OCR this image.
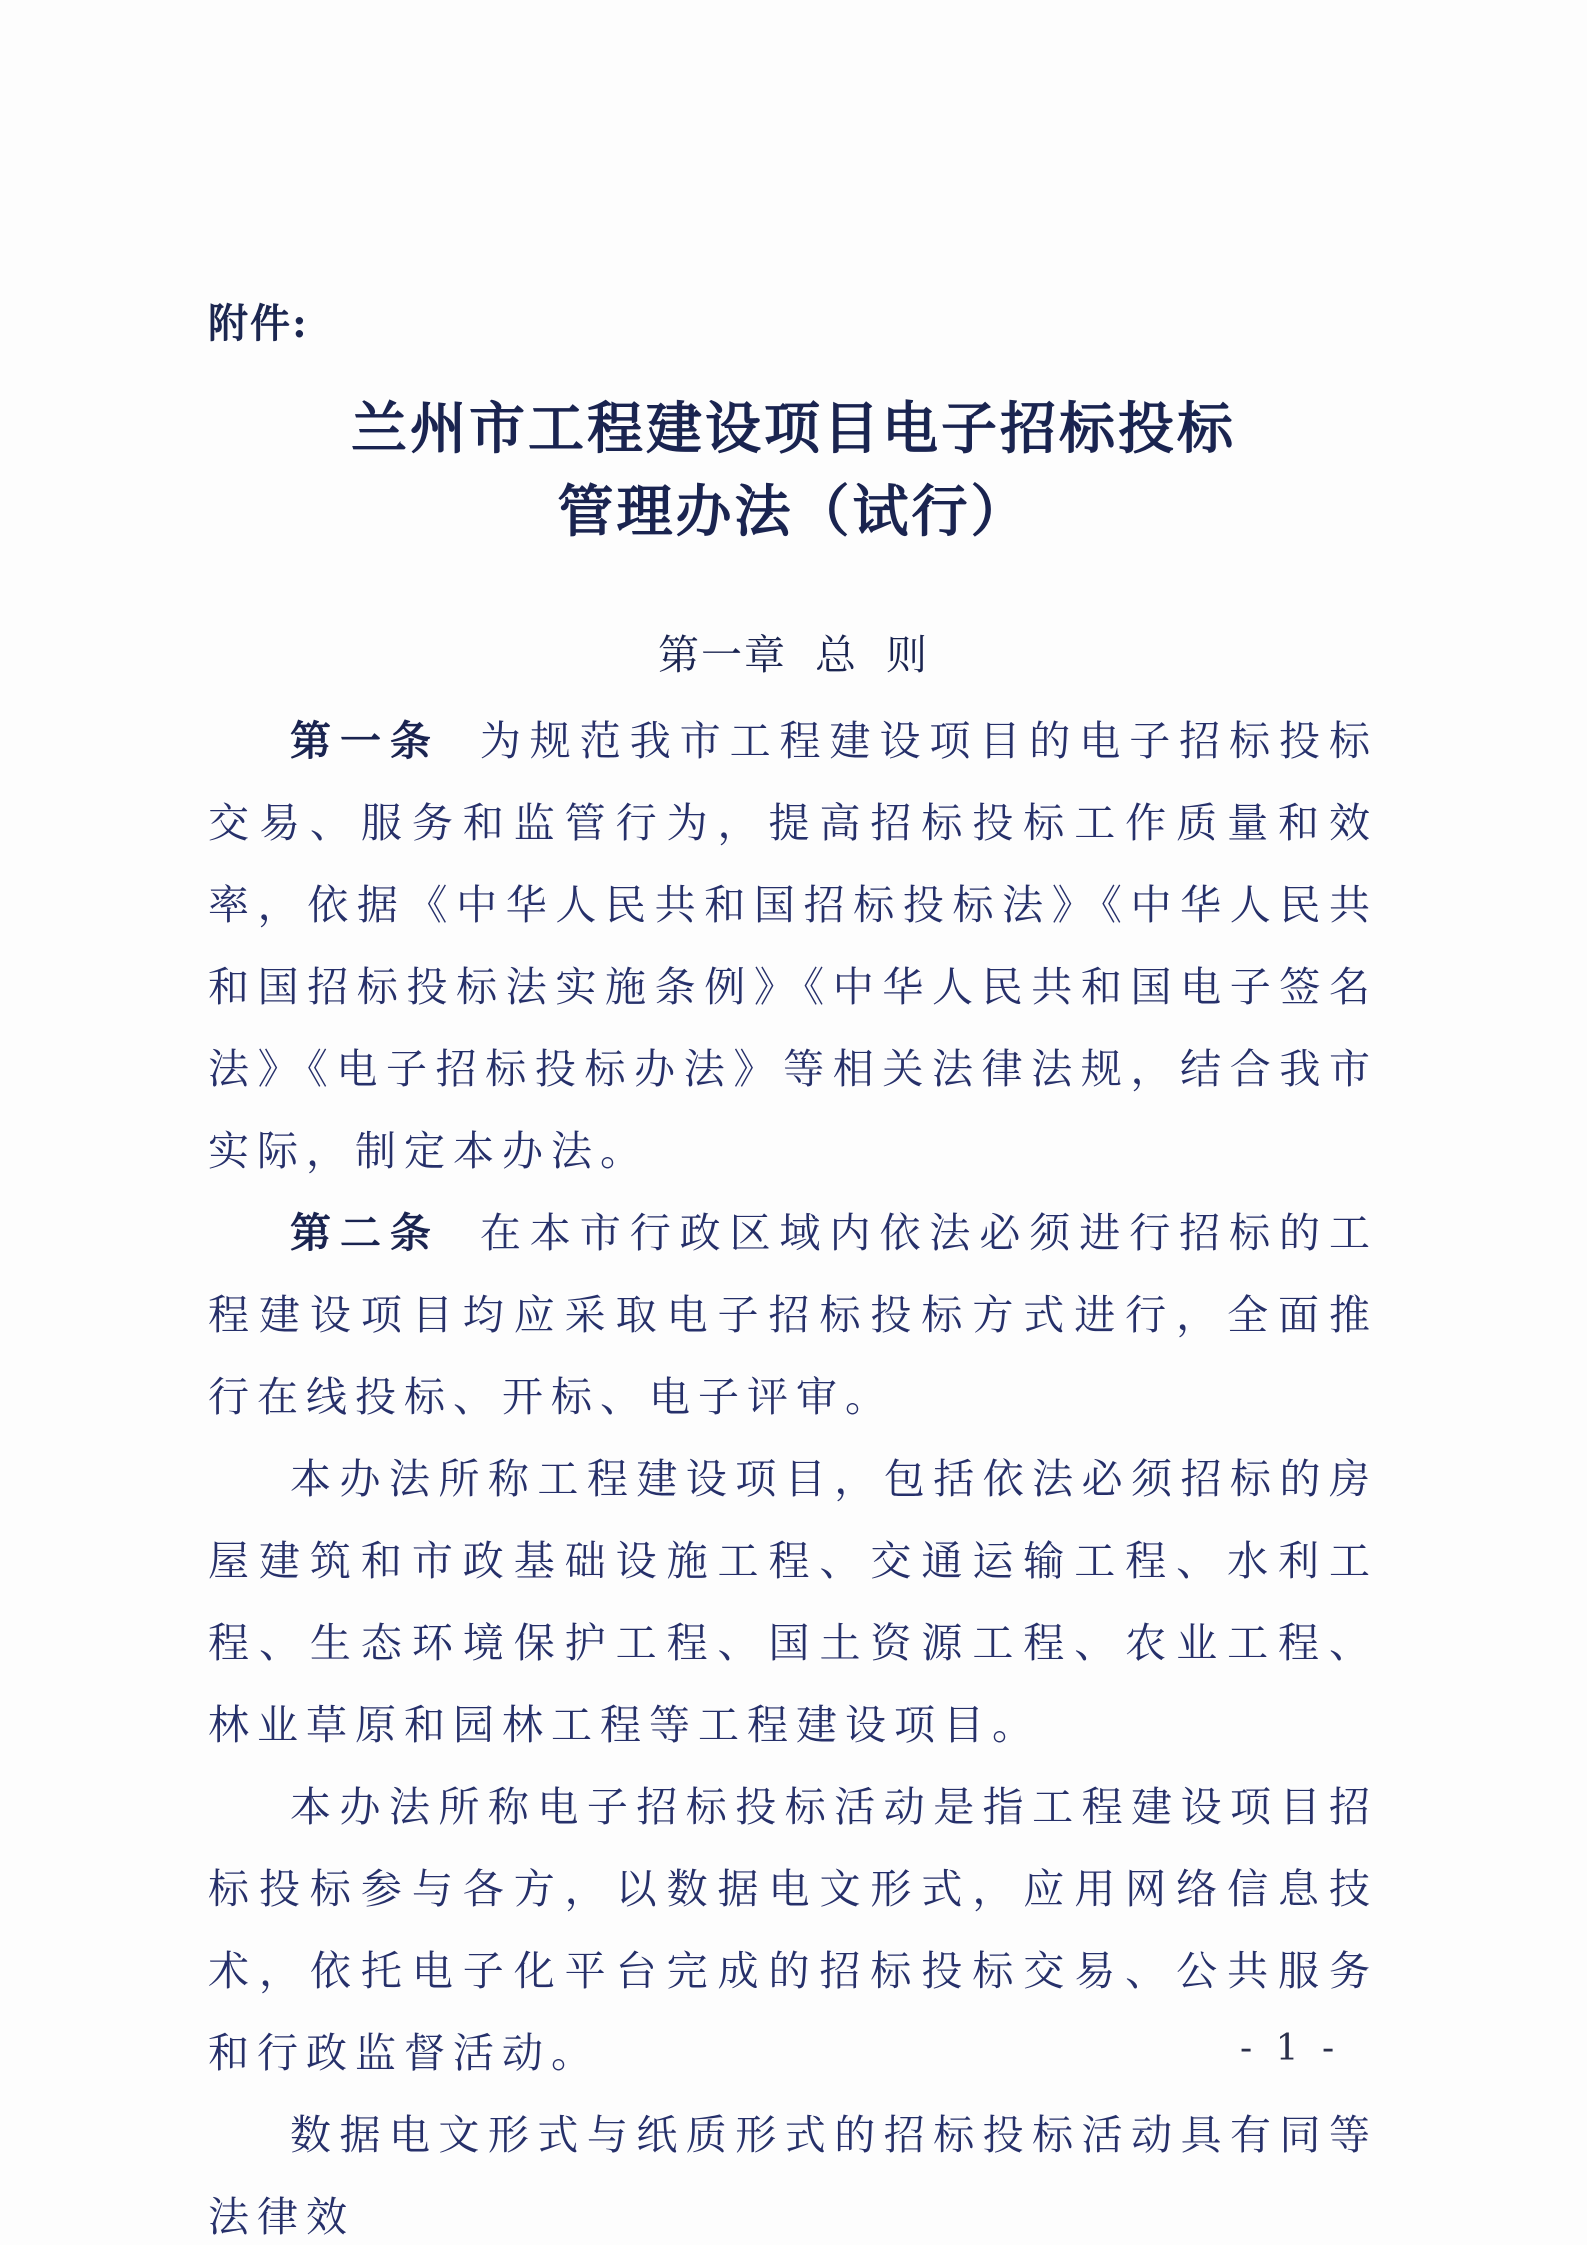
附件:
兰州市工程建设项目电子招标投标
管理办法（试行）
第一章 总 则

第一条 为规范我市工程建设项目的电子招标投标交易、服务和监管行为，提高招标投标工作质量和效率，依据《中华人民共和国招标投标法》《中华人民共和国招标投标法实施条例》《中华人民共和国电子签名法》《电子招标投标办法》等相关法律法规，结合我市实际，制定本办法。

第二条 在本市行政区域内依法必须进行招标的工程建设项目均应采取电子招标投标方式进行，全面推行在线投标、开标、电子评审。

本办法所称工程建设项目，包括依法必须招标的房屋建筑和市政基础设施工程、交通运输工程、水利工程、生态环境保护工程、国土资源工程、农业工程、林业草原和园林工程等工程建设项目。

本办法所称电子招标投标活动是指工程建设项目招标投标参与各方，以数据电文形式，应用网络信息技术，依托电子化平台完成的招标投标交易、公共服务和行政监督活动。

数据电文形式与纸质形式的招标投标活动具有同等法律效

- 1 -
